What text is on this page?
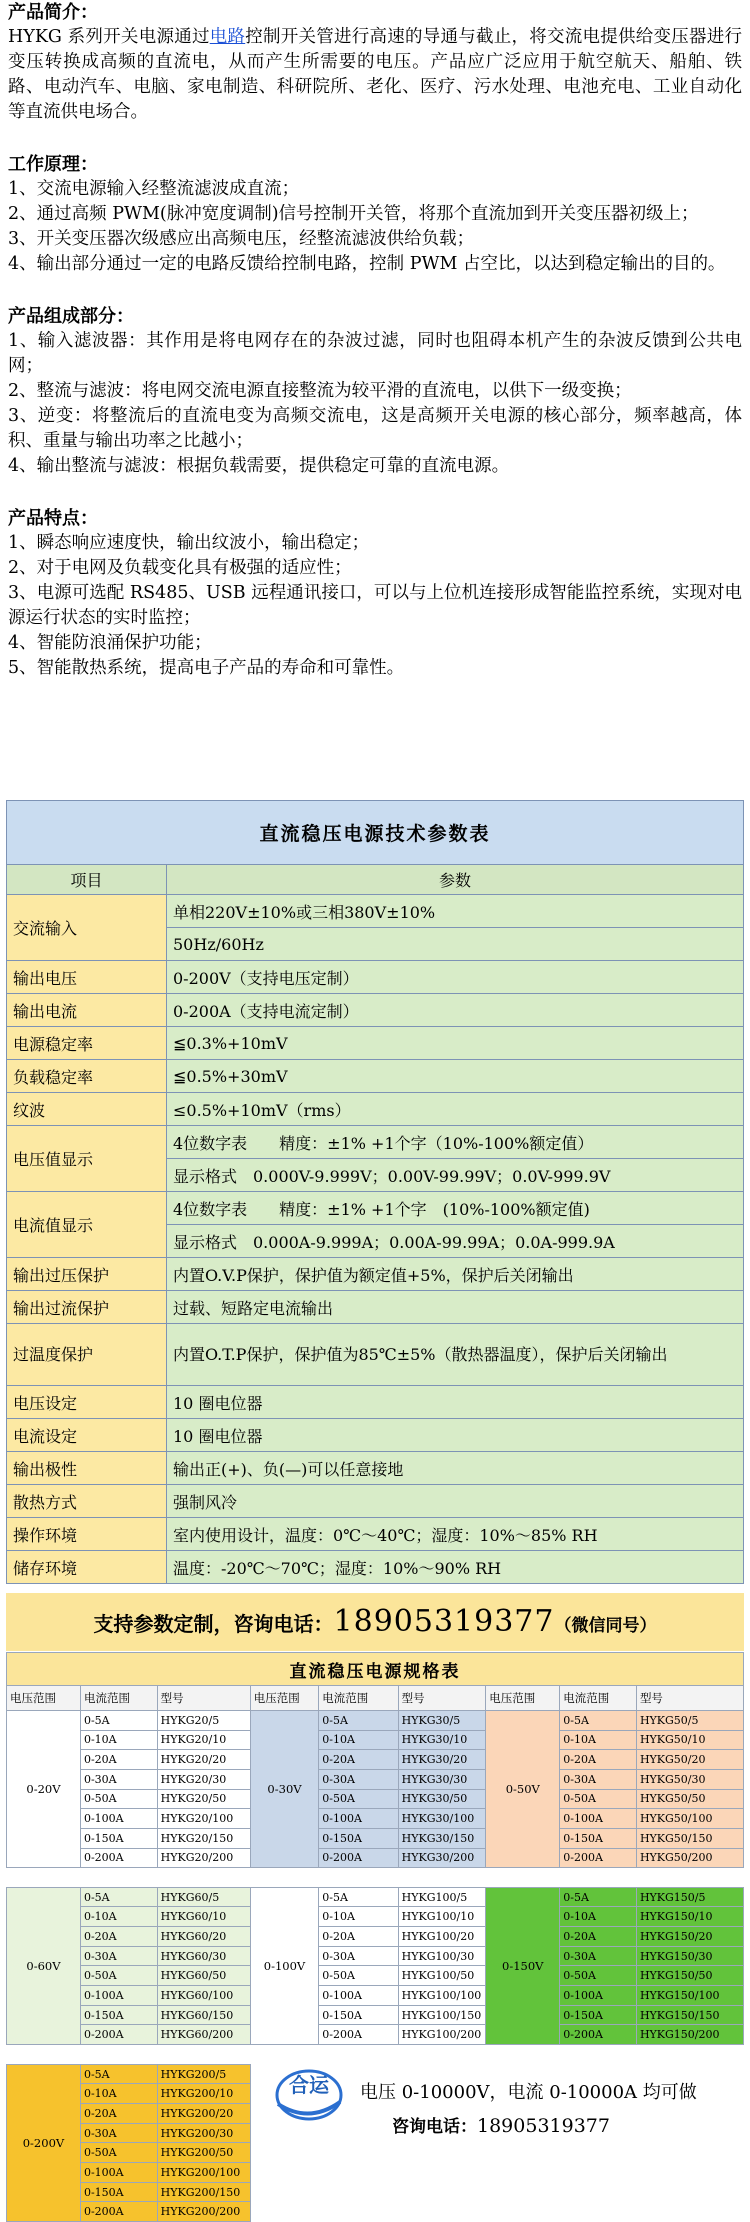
产品简介 ：

HYKG 系列开关电源通过电路控制开关管进行高速的导通与截止，将交流电提供给变压器进行变压转换成高频的直流电，从而产生所需要的电压。产品应广泛应用于航空航天、船舶、铁路、电动汽车、电脑、家电制造、科研院所、老化、医疗、污水处理、电池充电、工业自动化等直流供电场合。

工作原理 ：
1、交流电源输入经整流滤波成直流；
2、通过高频 PWM(脉冲宽度调制)信号控制开关管，将那个直流加到开关变压器初级上；
3、开关变压器次级感应出高频电压，经整流滤波供给负载；
4、输出部分通过一定的电路反馈给控制电路，控制 PWM 占空比，以达到稳定输出的目的。
产品组成部分 ：
1、输入滤波器：其作用是将电网存在的杂波过滤，同时也阻碍本机产生的杂波反馈到公共电网；
2、整流与滤波：将电网交流电源直接整流为较平滑的直流电，以供下一级变换；
3、逆变：将整流后的直流电变为高频交流电，这是高频开关电源的核心部分，频率越高，体积、重量与输出功率之比越小；
4、输出整流与滤波：根据负载需要，提供稳定可靠的直流电源。
产品特点 ：
1、瞬态响应速度快，输出纹波小，输出稳定；
2、对于电网及负载变化具有极强的适应性；
3、电源可选配 RS485、USB 远程通讯接口，可以与上位机连接形成智能监控系统，实现对电源运行状态的实时监控；
4、智能防浪涌保护功能；
5、智能散热系统，提高电子产品的寿命和可靠性。
直流稳压电源技术参数表	
项目	参数
交流输入	单相220V±10%或三相380V±10%
	50Hz/60Hz
输出电压	0-200V（支持电压定制）
输出电流	0-200A（支持电流定制）
电源稳定率	≦0.3%+10mV
负载稳定率	≦0.5%+30mV
纹波	≤0.5%+10mV（rms）
电压值显示	4位数字表　　精度：±1% +1个字（10%-100%额定值）
	显示格式　0.000V-9.999V；0.00V-99.99V；0.0V-999.9V
电流值显示	4位数字表　　精度：±1% +1个字　(10%-100%额定值)
	显示格式　0.000A-9.999A；0.00A-99.99A；0.0A-999.9A
输出过压保护	内置O.V.P保护，保护值为额定值+5%，保护后关闭输出
输出过流保护	过载、短路定电流输出
过温度保护	内置O.T.P保护，保护值为85℃±5%（散热器温度），保护后关闭输出
电压设定	10 圈电位器
电流设定	10 圈电位器
输出极性	输出正(+)、负(—)可以任意接地
散热方式	强制风冷
操作环境	室内使用设计，温度：0℃～40℃；湿度：10%～85% RH
储存环境	温度：-20℃～70℃；湿度：10%～90% RH
支持参数定制，咨询电话：18905319377（微信同号）
直流稳压电源规格表								
电压范围	电流范围	型号	电压范围	电流范围	型号	电压范围	电流范围	型号
0-20V	0-5A	HYKG20/5	0-30V	0-5A	HYKG30/5	0-50V	0-5A	HYKG50/5
	0-10A	HYKG20/10		0-10A	HYKG30/10		0-10A	HYKG50/10
	0-20A	HYKG20/20		0-20A	HYKG30/20		0-20A	HYKG50/20
	0-30A	HYKG20/30		0-30A	HYKG30/30		0-30A	HYKG50/30
	0-50A	HYKG20/50		0-50A	HYKG30/50		0-50A	HYKG50/50
	0-100A	HYKG20/100		0-100A	HYKG30/100		0-100A	HYKG50/100
	0-150A	HYKG20/150		0-150A	HYKG30/150		0-150A	HYKG50/150
	0-200A	HYKG20/200		0-200A	HYKG30/200		0-200A	HYKG50/200

0-60V	0-5A	HYKG60/5	0-100V	0-5A	HYKG100/5	0-150V	0-5A	HYKG150/5
	0-10A	HYKG60/10		0-10A	HYKG100/10		0-10A	HYKG150/10
	0-20A	HYKG60/20		0-20A	HYKG100/20		0-20A	HYKG150/20
	0-30A	HYKG60/30		0-30A	HYKG100/30		0-30A	HYKG150/30
	0-50A	HYKG60/50		0-50A	HYKG100/50		0-50A	HYKG150/50
	0-100A	HYKG60/100		0-100A	HYKG100/100		0-100A	HYKG150/100
	0-150A	HYKG60/150		0-150A	HYKG100/150		0-150A	HYKG150/150
	0-200A	HYKG60/200		0-200A	HYKG100/200		0-200A	HYKG150/200

0-200V	0-5A	HYKG200/5						
	0-10A	HYKG200/10						
	0-20A	HYKG200/20						
	0-30A	HYKG200/30						
	0-50A	HYKG200/50						
	0-100A	HYKG200/100						
	0-150A	HYKG200/150						
	0-200A	HYKG200/200						
合运 电压 0-10000V，电流 0-10000A 均可做
咨询电话：18905319377
